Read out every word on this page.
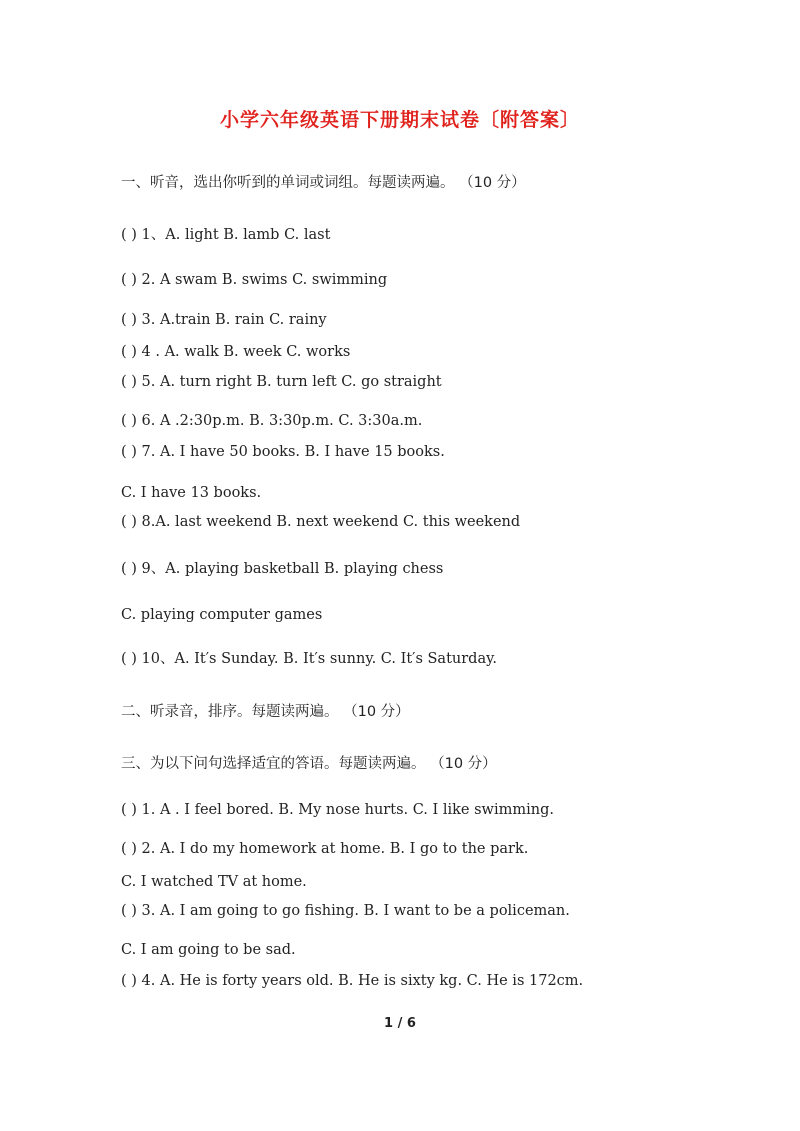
小学六年级英语下册期末试卷〔附答案〕
一、听音，选出你听到的单词或词组。每题读两遍。 （10 分）
( ) 1、A. light B. lamb C. last
( ) 2. A swam B. swims C. swimming
( ) 3. A.train B. rain C. rainy
( ) 4 . A. walk B. week C. works
( ) 5. A. turn right B. turn left C. go straight
( ) 6. A .2:30p.m. B. 3:30p.m. C. 3:30a.m.
( ) 7. A. I have 50 books. B. I have 15 books.
C. I have 13 books.
( ) 8.A. last weekend B. next weekend C. this weekend
( ) 9、A. playing basketball B. playing chess
C. playing computer games
( ) 10、A. It′s Sunday. B. It′s sunny. C. It′s Saturday.
二、听录音，排序。每题读两遍。 （10 分）
三、为以下问句选择适宜的答语。每题读两遍。 （10 分）
( ) 1. A . I feel bored. B. My nose hurts. C. I like swimming.
( ) 2. A. I do my homework at home. B. I go to the park.
C. I watched TV at home.
( ) 3. A. I am going to go fishing. B. I want to be a policeman.
C. I am going to be sad.
( ) 4. A. He is forty years old. B. He is sixty kg. C. He is 172cm.
1 / 6
